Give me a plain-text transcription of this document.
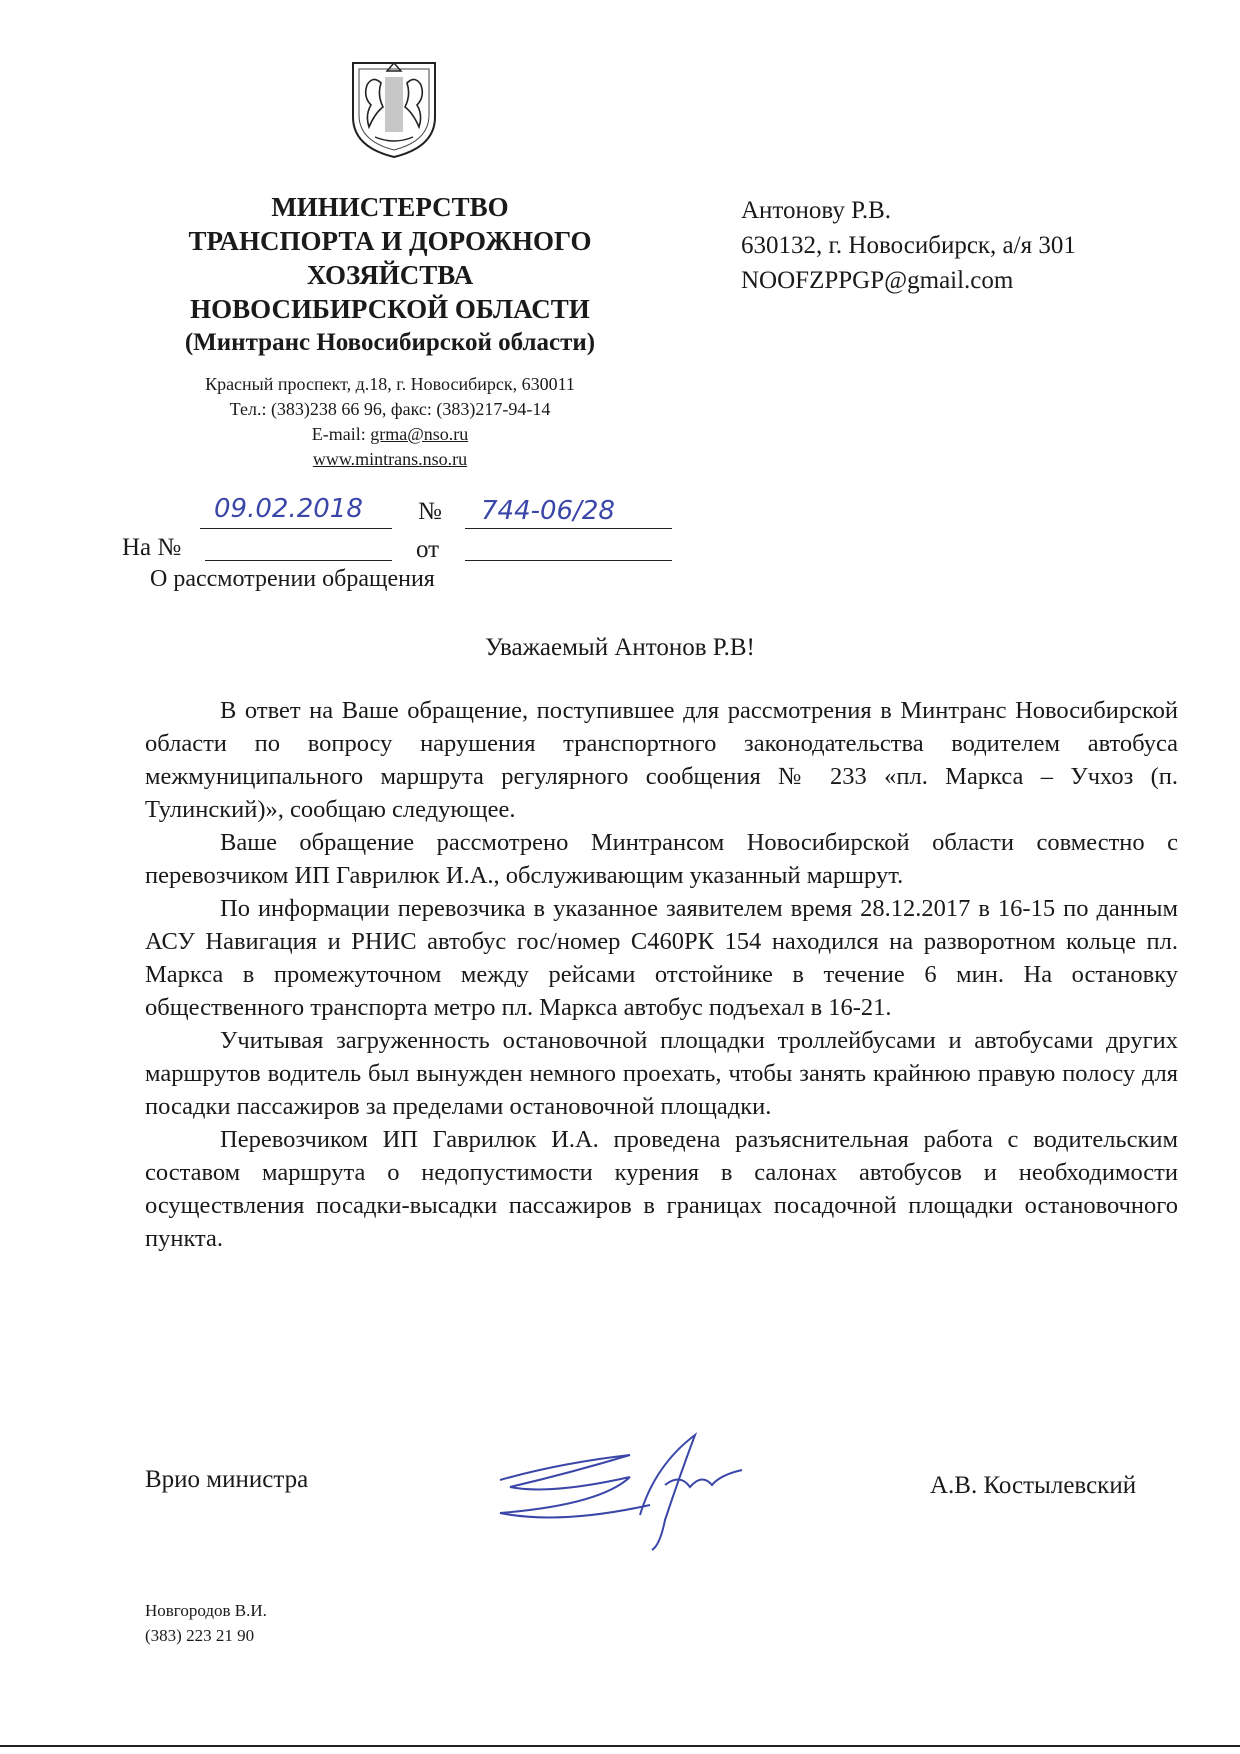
МИНИСТЕРСТВО
ТРАНСПОРТА И ДОРОЖНОГО
ХОЗЯЙСТВА
НОВОСИБИРСКОЙ ОБЛАСТИ
(Минтранс Новосибирской области)
Красный проспект, д.18, г. Новосибирск, 630011
Тел.: (383)238 66 96, факс: (383)217-94-14
E-mail: grma@nso.ru
www.mintrans.nso.ru
Антонову Р.В.
630132, г. Новосибирск, а/я 301
NOOFZPPGP@gmail.com
09.02.2018 № 744-06/28
На №	от
О рассмотрении обращения
Уважаемый Антонов Р.В!

В ответ на Ваше обращение, поступившее для рассмотрения в Минтранс Новосибирской области по вопросу нарушения транспортного законодательства водителем автобуса межмуниципального маршрута регулярного сообщения № 233 «пл. Маркса – Учхоз (п. Тулинский)», сообщаю следующее.

Ваше обращение рассмотрено Минтрансом Новосибирской области совместно с перевозчиком ИП Гаврилюк И.А., обслуживающим указанный маршрут.

По информации перевозчика в указанное заявителем время 28.12.2017 в 16-15 по данным АСУ Навигация и РНИС автобус гос/номер С460РК 154 находился на разворотном кольце пл. Маркса в промежуточном между рейсами отстойнике в течение 6 мин. На остановку общественного транспорта метро пл. Маркса автобус подъехал в 16-21.

Учитывая загруженность остановочной площадки троллейбусами и автобусами других маршрутов водитель был вынужден немного проехать, чтобы занять крайнюю правую полосу для посадки пассажиров за пределами остановочной площадки.

Перевозчиком ИП Гаврилюк И.А. проведена разъяснительная работа с водительским составом маршрута о недопустимости курения в салонах автобусов и необходимости осуществления посадки-высадки пассажиров в границах посадочной площадки остановочного пункта.

Врио министра	А.В. Костылевский
Новгородов В.И.
(383) 223 21 90
